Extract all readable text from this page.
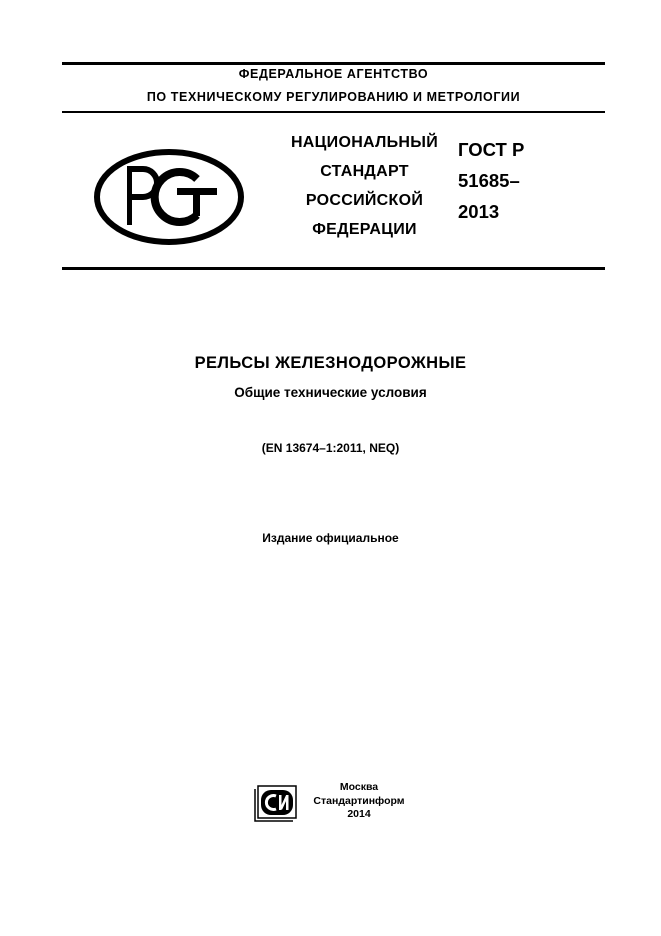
ФЕДЕРАЛЬНОЕ АГЕНТСТВО
ПО ТЕХНИЧЕСКОМУ РЕГУЛИРОВАНИЮ И МЕТРОЛОГИИ
НАЦИОНАЛЬНЫЙ
СТАНДАРТ
РОССИЙСКОЙ
ФЕДЕРАЦИИ
ГОСТ Р
51685–
2013
РЕЛЬСЫ ЖЕЛЕЗНОДОРОЖНЫЕ
Общие технические условия
(EN 13674–1:2011, NEQ)
Издание официальное
Москва
Стандартинформ
2014
